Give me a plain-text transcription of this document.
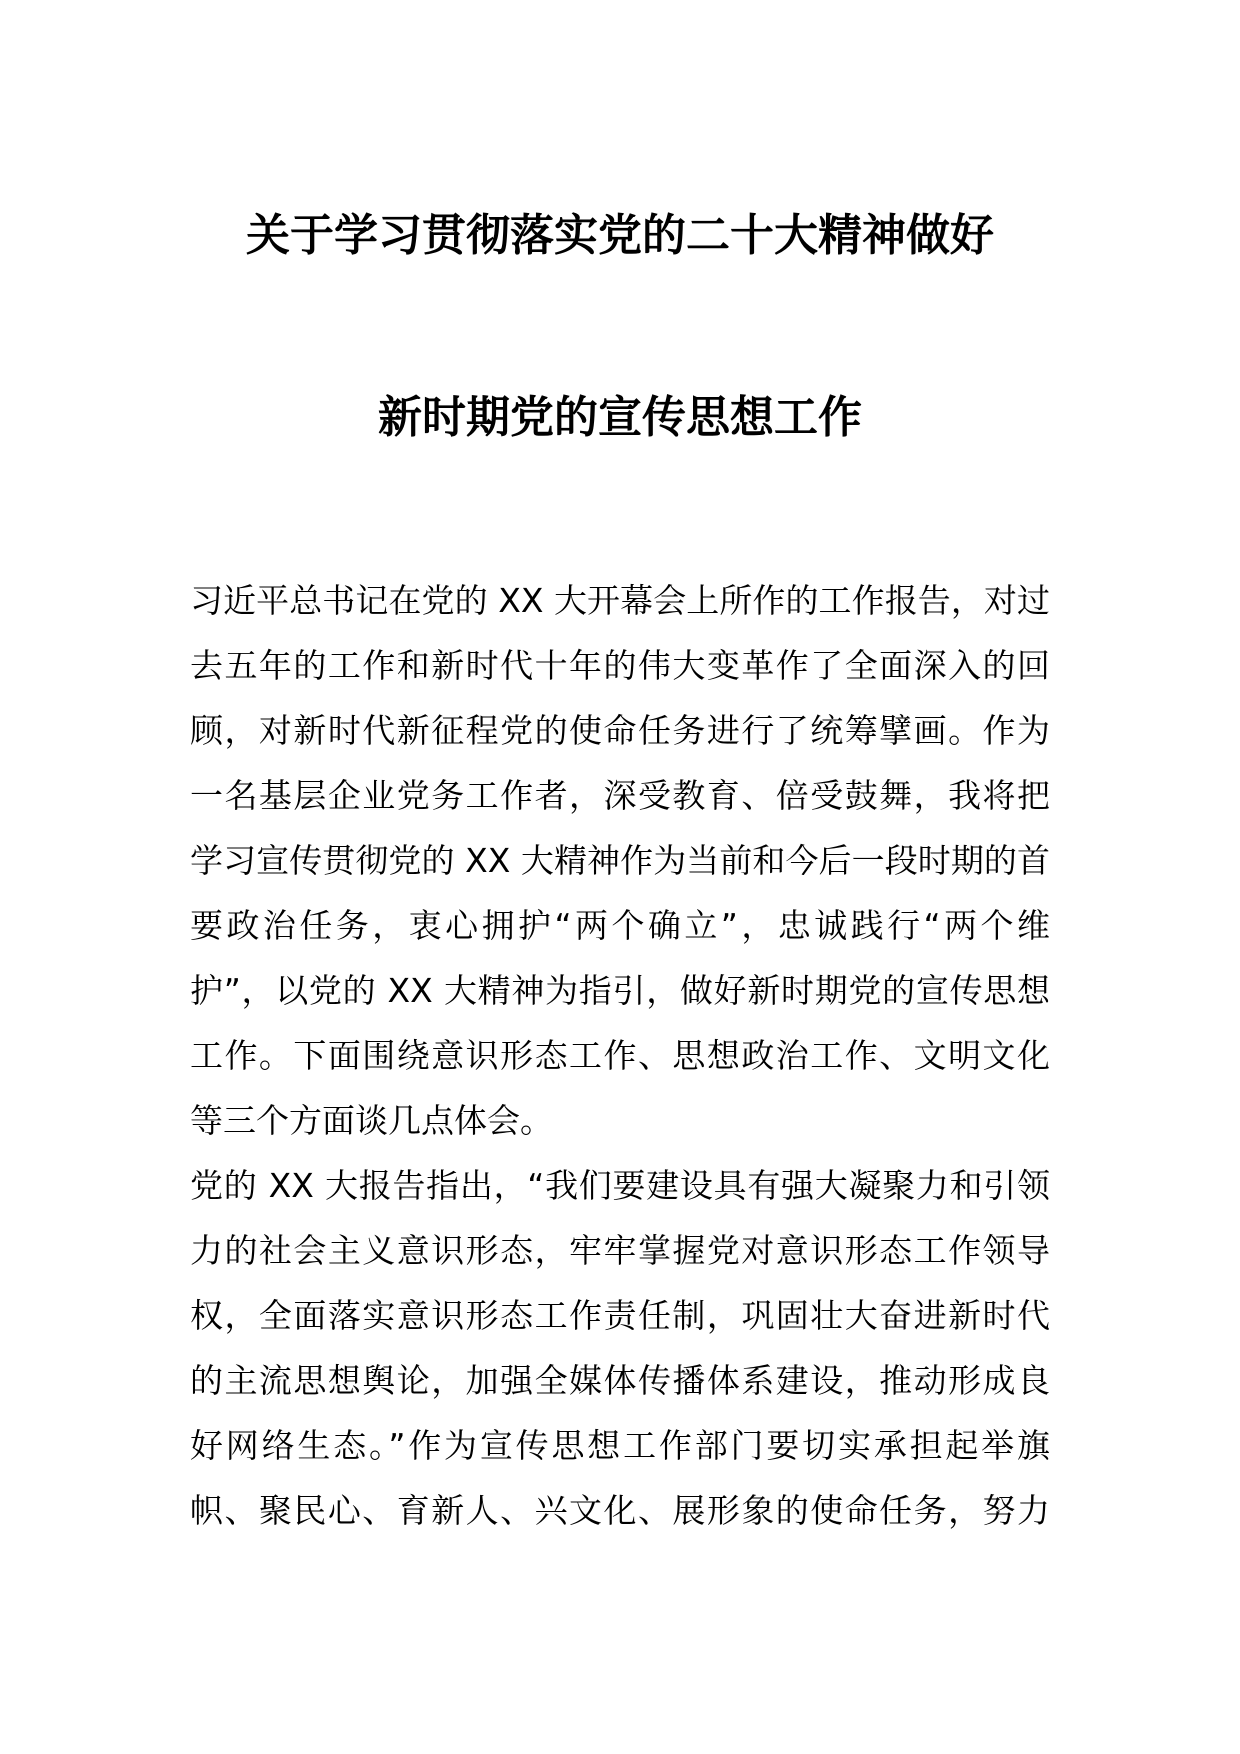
关于学习贯彻落实党的二十大精神做好
新时期党的宣传思想工作
习近平总书记在党的 XX 大开幕会上所作的工作报告，对过
去五年的工作和新时代十年的伟大变革作了全面深入的回
顾，对新时代新征程党的使命任务进行了统筹擘画。作为
一名基层企业党务工作者，深受教育、倍受鼓舞，我将把
学习宣传贯彻党的 XX 大精神作为当前和今后一段时期的首
要政治任务，衷心拥护“两个确立”，忠诚践行“两个维
护”，以党的 XX 大精神为指引，做好新时期党的宣传思想
工作。下面围绕意识形态工作、思想政治工作、文明文化
等三个方面谈几点体会。
党的 XX 大报告指出，“我们要建设具有强大凝聚力和引领
力的社会主义意识形态，牢牢掌握党对意识形态工作领导
权，全面落实意识形态工作责任制，巩固壮大奋进新时代
的主流思想舆论，加强全媒体传播体系建设，推动形成良
好网络生态。”作为宣传思想工作部门要切实承担起举旗
帜、聚民心、育新人、兴文化、展形象的使命任务，努力
